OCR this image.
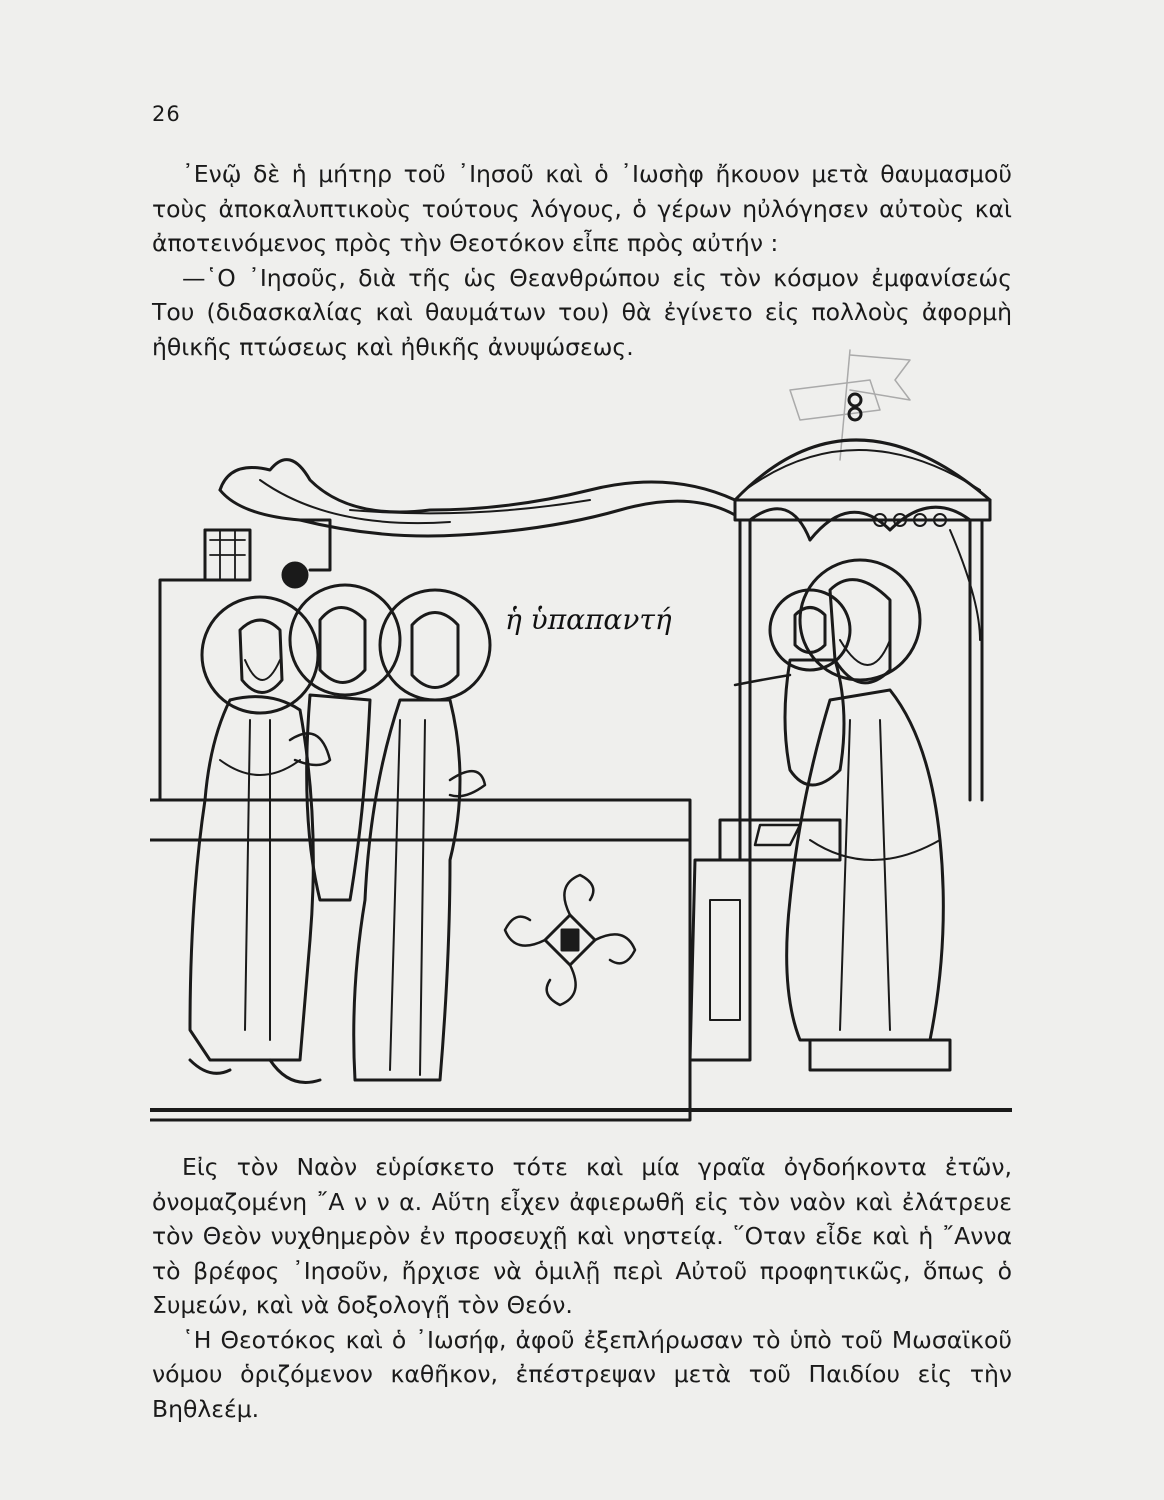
26

᾿Ενῷ δὲ ἡ μήτηρ τοῦ ᾿Ιησοῦ καὶ ὁ ᾿Ιωσὴφ ἤκουον μετὰ θαυμασμοῦ τοὺς ἀποκαλυπτικοὺς τούτους λόγους, ὁ γέρων ηὐλόγησεν αὐτοὺς καὶ ἀποτεινόμενος πρὸς τὴν Θεοτόκον εἶπε πρὸς αὐτήν :

—῾Ο ᾿Ιησοῦς, διὰ τῆς ὡς Θεανθρώπου εἰς τὸν κόσμον ἐμφανίσεώς Του (διδασκαλίας καὶ θαυμάτων του) θὰ ἐγίνετο εἰς πολλοὺς ἀφορμὴ ἠθικῆς πτώσεως καὶ ἠθικῆς ἀνυψώσεως.

ἡ ὑπαπαντή

Εἰς τὸν Ναὸν εὑρίσκετο τότε καὶ μία γραῖα ὀγδοήκοντα ἐτῶν, ὀνομαζομένη ῎Α ν ν α. Αὕτη εἶχεν ἀφιερωθῆ εἰς τὸν ναὸν καὶ ἐλάτρευε τὸν Θεὸν νυχθημερὸν ἐν προσευχῇ καὶ νηστείᾳ. ῞Οταν εἶδε καὶ ἡ ῎Αννα τὸ βρέφος ᾿Ιησοῦν, ἤρχισε νὰ ὁμιλῇ περὶ Αὐτοῦ προφητικῶς, ὅπως ὁ Συμεών, καὶ νὰ δοξολογῇ τὸν Θεόν.

῾Η Θεοτόκος καὶ ὁ ᾿Ιωσήφ, ἀφοῦ ἐξεπλήρωσαν τὸ ὑπὸ τοῦ Μωσαϊκοῦ νόμου ὁριζόμενον καθῆκον, ἐπέστρεψαν μετὰ τοῦ Παιδίου εἰς τὴν Βηθλεέμ.
